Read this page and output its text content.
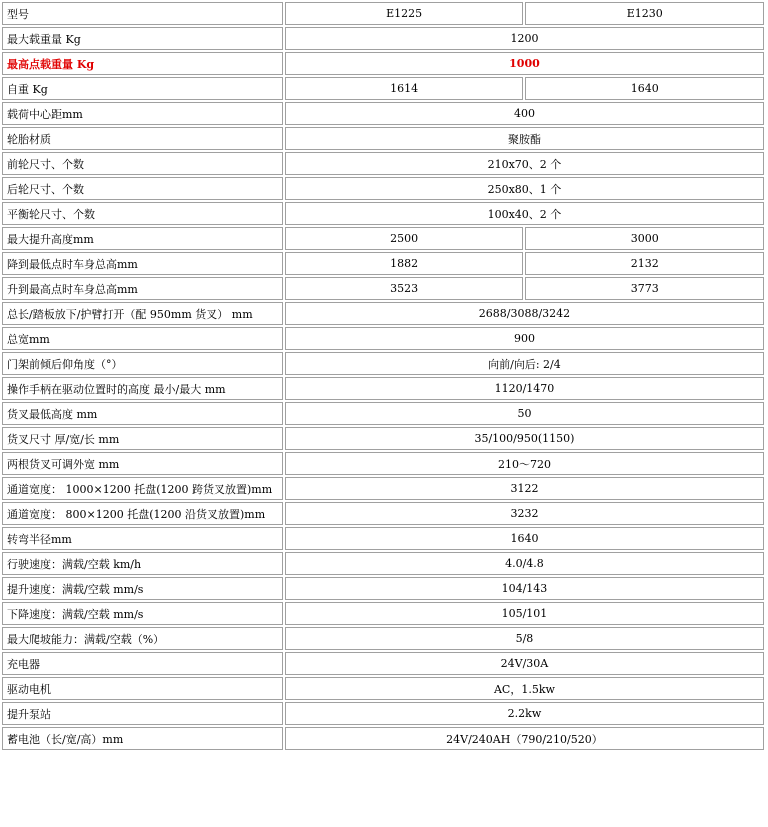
型号	E1225	E1230
最大载重量 Kg	1200	
最高点载重量 Kg	1000	
自重 Kg	1614	1640
载荷中心距mm	400	
轮胎材质	聚胺酯	
前轮尺寸、个数	210x70、2 个	
后轮尺寸、个数	250x80、1 个	
平衡轮尺寸、个数	100x40、2 个	
最大提升高度mm	2500	3000
降到最低点时车身总高mm	1882	2132
升到最高点时车身总高mm	3523	3773
总长/踏板放下/护臂打开（配 950mm 货叉） mm	2688/3088/3242	
总宽mm	900	
门架前倾后仰角度（°）	向前/向后: 2/4	
操作手柄在驱动位置时的高度 最小/最大 mm	1120/1470	
货叉最低高度 mm	50	
货叉尺寸 厚/宽/长 mm	35/100/950(1150)	
两根货叉可调外宽 mm	210～720	
通道宽度： 1000×1200 托盘(1200 跨货叉放置)mm	3122	
通道宽度： 800×1200 托盘(1200 沿货叉放置)mm	3232	
转弯半径mm	1640	
行驶速度：满载/空载 km/h	4.0/4.8	
提升速度：满载/空载 mm/s	104/143	
下降速度：满载/空载 mm/s	105/101	
最大爬坡能力：满载/空载（%）	5/8	
充电器	24V/30A	
驱动电机	AC，1.5kw	
提升泵站	2.2kw	
蓄电池（长/宽/高）mm	24V/240AH（790/210/520）	
